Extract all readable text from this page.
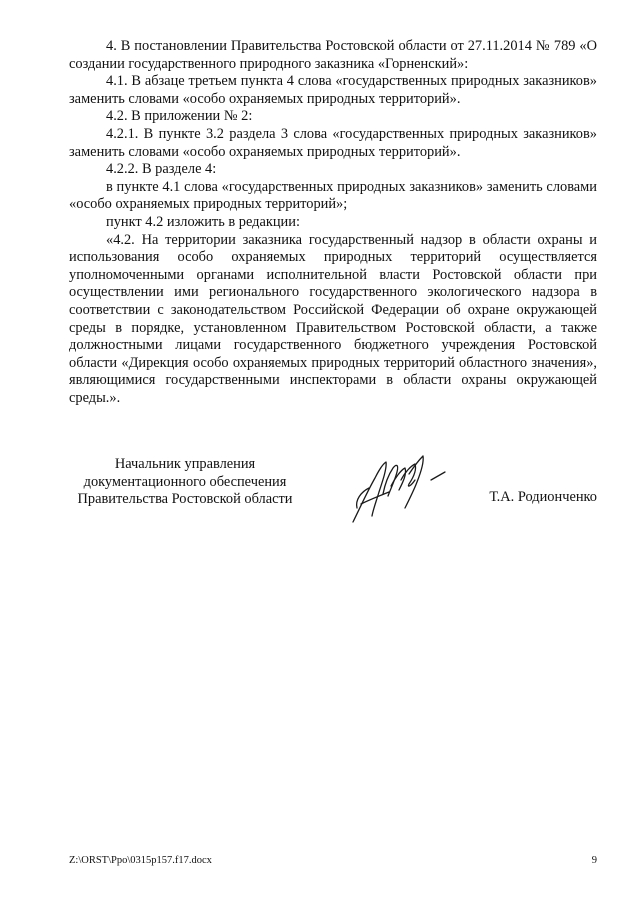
4. В постановлении Правительства Ростовской области от 27.11.2014 № 789 «О создании государственного природного заказника «Горненский»:

4.1. В абзаце третьем пункта 4 слова «государственных природных заказников» заменить словами «особо охраняемых природных территорий».

4.2. В приложении № 2:

4.2.1. В пункте 3.2 раздела 3 слова «государственных природных заказников» заменить словами «особо охраняемых природных территорий».

4.2.2. В разделе 4:

в пункте 4.1 слова «государственных природных заказников» заменить словами «особо охраняемых природных территорий»;

пункт 4.2 изложить в редакции:

«4.2. На территории заказника государственный надзор в области охраны и использования особо охраняемых природных территорий осуществляется уполномоченными органами исполнительной власти Ростовской области при осуществлении ими регионального государственного экологического надзора в соответствии с законодательством Российской Федерации об охране окружающей среды в порядке, установленном Правительством Ростовской области, а также должностными лицами государственного бюджетного учреждения Ростовской области «Дирекция особо охраняемых природных территорий областного значения», являющимися государственными инспекторами в области охраны окружающей среды.».

Начальник управления
документационного обеспечения
Правительства Ростовской области	Т.А. Родионченко
Z:\ORST\Ppo\0315p157.f17.docx	9
